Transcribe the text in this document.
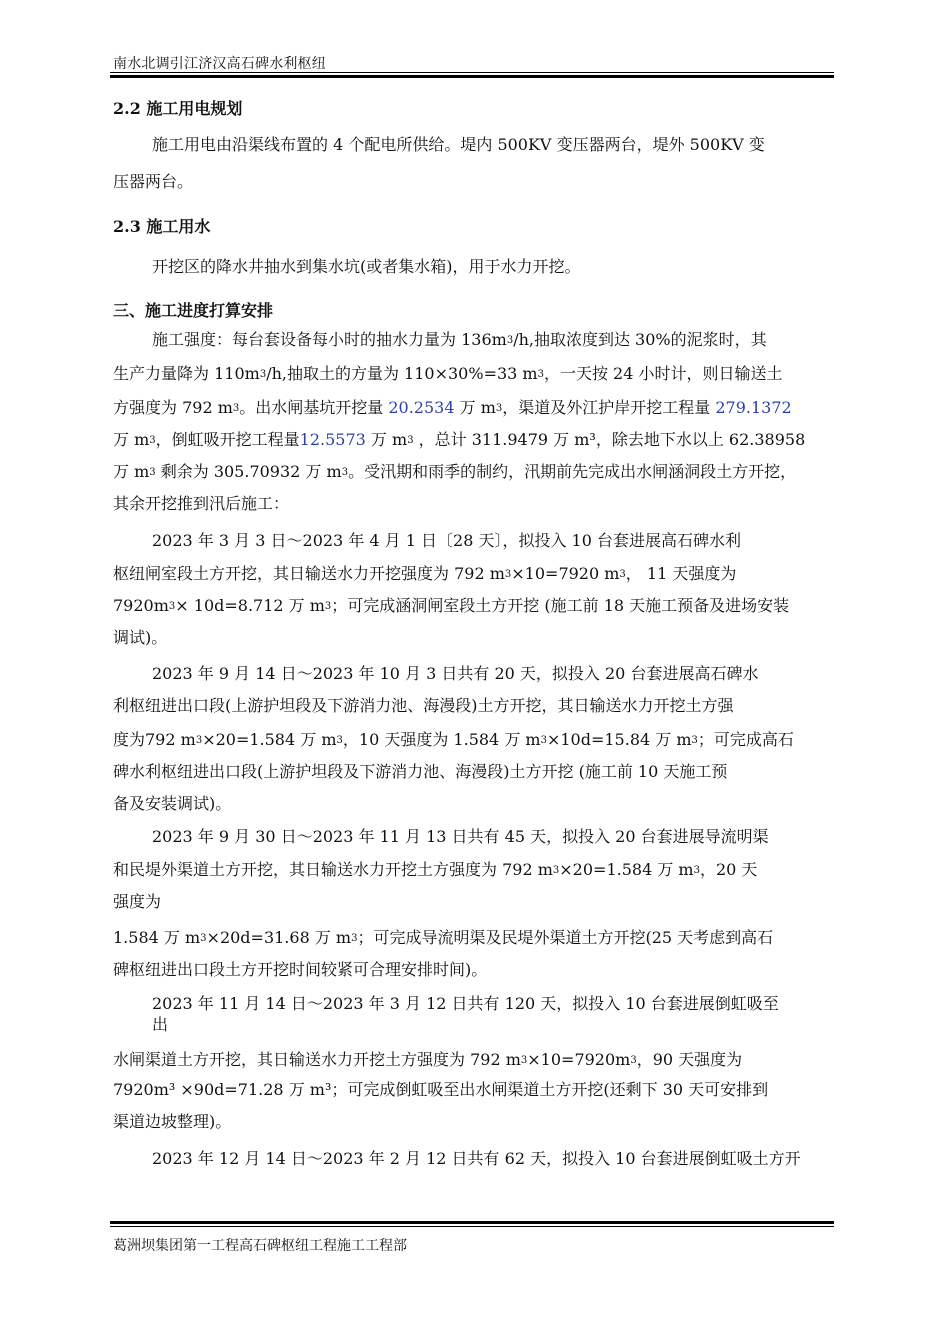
南水北调引江济汉高石碑水利枢纽
2.2 施工用电规划
施工用电由沿渠线布置的 4 个配电所供给。堤内 500KV 变压器两台，堤外 500KV 变
压器两台。
2.3 施工用水
开挖区的降水井抽水到集水坑(或者集水箱)，用于水力开挖。
三、施工进度打算安排
施工强度：每台套设备每小时的抽水力量为 $136m^3/h$,抽取浓度到达 30%的泥浆时，其
生产力量降为 $110m^3/h$,抽取土的方量为 110×30%=33 $m^3$，一天按 24 小时计，则日输送土
方强度为 792 $m^3$。出水闸基坑开挖量 20.2534 万 $m^3$，渠道及外江护岸开挖工程量 279.1372
万 $m^3$，倒虹吸开挖工程量12.5573 万 $m^3$ ，总计 311.9479 万 m³，除去地下水以上 62.38958
万 $m^3$ 剩余为 305.70932 万 $m^3$。受汛期和雨季的制约，汛期前先完成出水闸涵洞段土方开挖，
其余开挖推到汛后施工：
2023 年 3 月 3 日～2023 年 4 月 1 日〔28 天〕，拟投入 10 台套进展高石碑水利
枢纽闸室段土方开挖，其日输送水力开挖强度为 792 $m^3\times 10=7920$ $m^3$， 11 天强度为
$7920m^3\times 10d=8.712$ 万 $m^3$；可完成涵洞闸室段土方开挖 (施工前 18 天施工预备及进场安装
调试)。
2023 年 9 月 14 日～2023 年 10 月 3 日共有 20 天，拟投入 20 台套进展高石碑水
利枢纽进出口段(上游护坦段及下游消力池、海漫段)土方开挖，其日输送水力开挖土方强
度为792 $m^3\times 20=1.584$ 万 $m^3$，10 天强度为 1.584 万 $m^3\times 10d=15.84$ 万 $m^3$；可完成高石
碑水利枢纽进出口段(上游护坦段及下游消力池、海漫段)土方开挖 (施工前 10 天施工预
备及安装调试)。
2023 年 9 月 30 日～2023 年 11 月 13 日共有 45 天，拟投入 20 台套进展导流明渠
和民堤外渠道土方开挖，其日输送水力开挖土方强度为 792 $m^3\times 20=1.584$ 万 $m^3$，20 天
强度为
1.584 万 $m^3\times 20d=31.68$ 万 $m^3$；可完成导流明渠及民堤外渠道土方开挖(25 天考虑到高石
碑枢纽进出口段土方开挖时间较紧可合理安排时间)。
2023 年 11 月 14 日～2023 年 3 月 12 日共有 120 天，拟投入 10 台套进展倒虹吸至
出
水闸渠道土方开挖，其日输送水力开挖土方强度为 792 $m^3\times 10=7920m^3$，90 天强度为
7920m³ ×90d=71.28 万 m³；可完成倒虹吸至出水闸渠道土方开挖(还剩下 30 天可安排到
渠道边坡整理)。
2023 年 12 月 14 日～2023 年 2 月 12 日共有 62 天，拟投入 10 台套进展倒虹吸土方开
葛洲坝集团第一工程高石碑枢纽工程施工工程部
